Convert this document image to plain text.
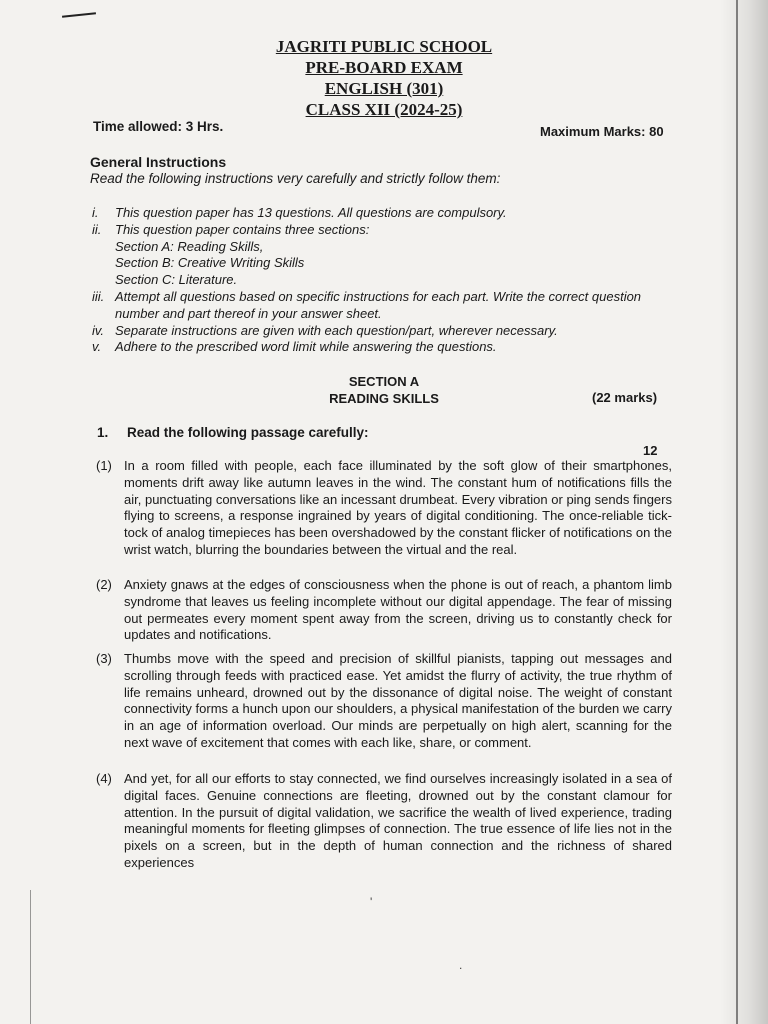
JAGRITI PUBLIC SCHOOL
PRE-BOARD EXAM
ENGLISH (301)
CLASS XII (2024-25)
Time allowed: 3 Hrs.	Maximum Marks: 80
General Instructions
Read the following instructions very carefully and strictly follow them:
i. This question paper has 13 questions. All questions are compulsory.
ii. This question paper contains three sections:
Section A: Reading Skills,
Section B: Creative Writing Skills
Section C: Literature.
iii. Attempt all questions based on specific instructions for each part. Write the correct question number and part thereof in your answer sheet.
iv. Separate instructions are given with each question/part, wherever necessary.
v. Adhere to the prescribed word limit while answering the questions.
SECTION A
READING SKILLS	(22 marks)
1. Read the following passage carefully:
12
(1) In a room filled with people, each face illuminated by the soft glow of their smartphones, moments drift away like autumn leaves in the wind. The constant hum of notifications fills the air, punctuating conversations like an incessant drumbeat. Every vibration or ping sends fingers flying to screens, a response ingrained by years of digital conditioning. The once-reliable tick-tock of analog timepieces has been overshadowed by the constant flicker of notifications on the wrist watch, blurring the boundaries between the virtual and the real.
(2) Anxiety gnaws at the edges of consciousness when the phone is out of reach, a phantom limb syndrome that leaves us feeling incomplete without our digital appendage. The fear of missing out permeates every moment spent away from the screen, driving us to constantly check for updates and notifications.
(3) Thumbs move with the speed and precision of skillful pianists, tapping out messages and scrolling through feeds with practiced ease. Yet amidst the flurry of activity, the true rhythm of life remains unheard, drowned out by the dissonance of digital noise. The weight of constant connectivity forms a hunch upon our shoulders, a physical manifestation of the burden we carry in an age of information overload. Our minds are perpetually on high alert, scanning for the next wave of excitement that comes with each like, share, or comment.
(4) And yet, for all our efforts to stay connected, we find ourselves increasingly isolated in a sea of digital faces. Genuine connections are fleeting, drowned out by the constant clamour for attention. In the pursuit of digital validation, we sacrifice the wealth of lived experience, trading meaningful moments for fleeting glimpses of connection. The true essence of life lies not in the pixels on a screen, but in the depth of human connection and the richness of shared experiences
'
.
